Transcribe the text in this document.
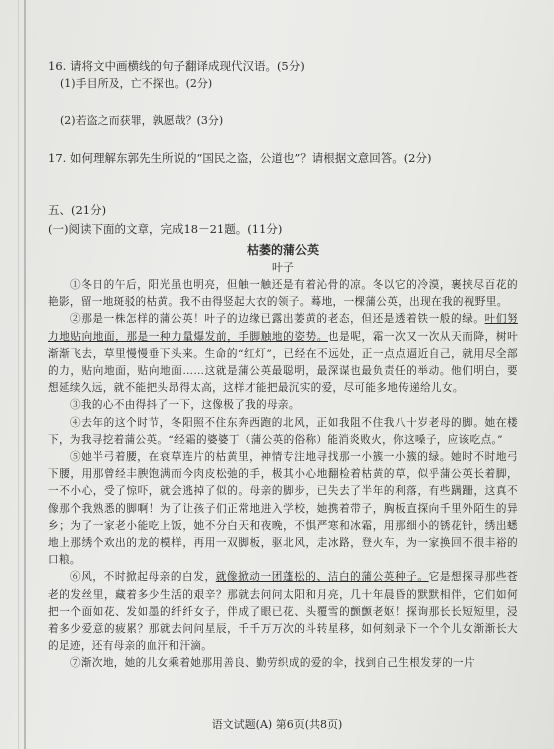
16. 请将文中画横线的句子翻译成现代汉语。(5分)

(1)手目所及，亡不探也。(2分)

(2)若盗之而获罪，孰愿哉？(3分)

17. 如何理解东郭先生所说的“国民之盗，公道也”？请根据文意回答。(2分)

五、(21分)

(一)阅读下面的文章，完成18－21题。(11分)

枯萎的蒲公英

叶子

①冬日的午后，阳光虽也明亮，但触一触还是有着沁骨的凉。冬以它的冷漠，裹挟尽百花的艳影，留一地斑驳的枯黄。我不由得竖起大衣的领子。蓦地，一棵蒲公英，出现在我的视野里。

②那是一株怎样的蒲公英！叶子的边缘已露出萎黄的老态，但还是透着铁一般的绿。叶们努力地贴向地面，那是一种力量爆发前，手脚触地的姿势。也是呢，霜一次又一次从天而降，树叶渐渐飞去，草里慢慢垂下头来。生命的“红灯”，已经在不远处，正一点点逼近自己，就用尽全部的力，贴向地面，贴向地面……这就是蒲公英最聪明，最深谋也最负责任的举动。他们明白，要想延续久远，就不能把头昂得太高，这样才能把最沉实的爱，尽可能多地传递给儿女。

③我的心不由得抖了一下，这像极了我的母亲。

④去年的这个时节，冬阳照不住东奔西跑的北风，正如我阻不住我八十岁老母的脚。她在楼下，为我寻挖着蒲公英。“经霜的婆婆丁（蒲公英的俗称）能消炎败火，你这嗓子，应该吃点。”

⑤她半弓着腰，在衰草连片的枯黄里，神情专注地寻找那一小簇一小簇的绿。她时不时地弓下腰，用那曾经丰腴饱满而今肉皮松弛的手，极其小心地翻检着枯黄的草，似乎蒲公英长着脚，一不小心，受了惊吓，就会逃掉了似的。母亲的脚步，已失去了半年的利落，有些蹒跚，这真不像那个我熟悉的脚啊！为了让孩子们正常地进入学校，她携着带子，胸板直探向千里外陌生的异乡；为了一家老小能吃上饭，她不分白天和夜晚，不惧严寒和冰霜，用那细小的锈花针，绣出蟋地上那绣个欢出的龙的模样，再用一双脚板，驱北风，走冰路，登火车，为一家换回不很丰裕的口粮。

⑥风，不时掀起母亲的白发，就像掀动一团蓬松的、洁白的蒲公英种子。它是想探寻那些苍老的发丝里，藏着多少生活的艰辛？那就去问问太阳和月亮，几十年晨昏的默默相伴，它们如何把一个面如花、发如墨的纤纤女子，伴成了眼已花、头覆雪的颤颤老妪！探询那长长短短里，浸着多少爱意的疲累？那就去问问星辰，千千万万次的斗转星移，如何刻录下一个个儿女渐渐长大的足迹，还有母亲的血汗和汗滴。

⑦渐次地，她的儿女乘着她那用善良、勤劳织成的爱的伞，找到自己生根发芽的一片

语文试题(A) 第6页(共8页)
